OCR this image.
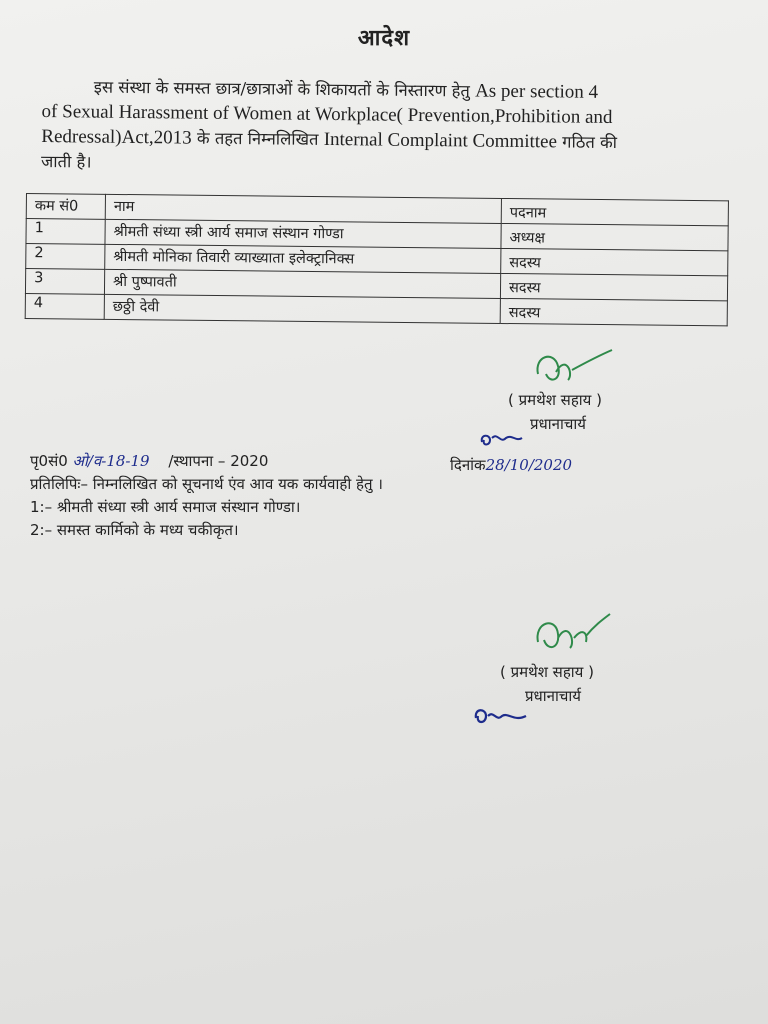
आदेश

इस संस्था के समस्त छात्र/छात्राओं के शिकायतों के निस्तारण हेतु As per section 4

of Sexual Harassment of Women at Workplace( Prevention,Prohibition and

Redressal)Act,2013 के तहत निम्नलिखित Internal Complaint Committee गठित की

जाती है।

कम सं0	नाम	पदनाम
1	श्रीमती संध्या स्त्री आर्य समाज संस्थान गोण्डा	अध्यक्ष
2	श्रीमती मोनिका तिवारी व्याख्याता इलेक्ट्रानिक्स	सदस्य
3	श्री पुष्पावती	सदस्य
4	छठ्ठी देवी	सदस्य
( प्रमथेश सहाय )
प्रधानाचार्य
पृ0सं0 ओ/व-18-19 /स्थापना – 2020	दिनांक28/10/2020
प्रतिलिपिः– निम्नलिखित को सूचनार्थ एंव आव यक कार्यवाही हेतु ।
1:– श्रीमती संध्या स्त्री आर्य समाज संस्थान गोण्डा।
2:– समस्त कार्मिको के मध्य चकीकृत।
( प्रमथेश सहाय )
प्रधानाचार्य
